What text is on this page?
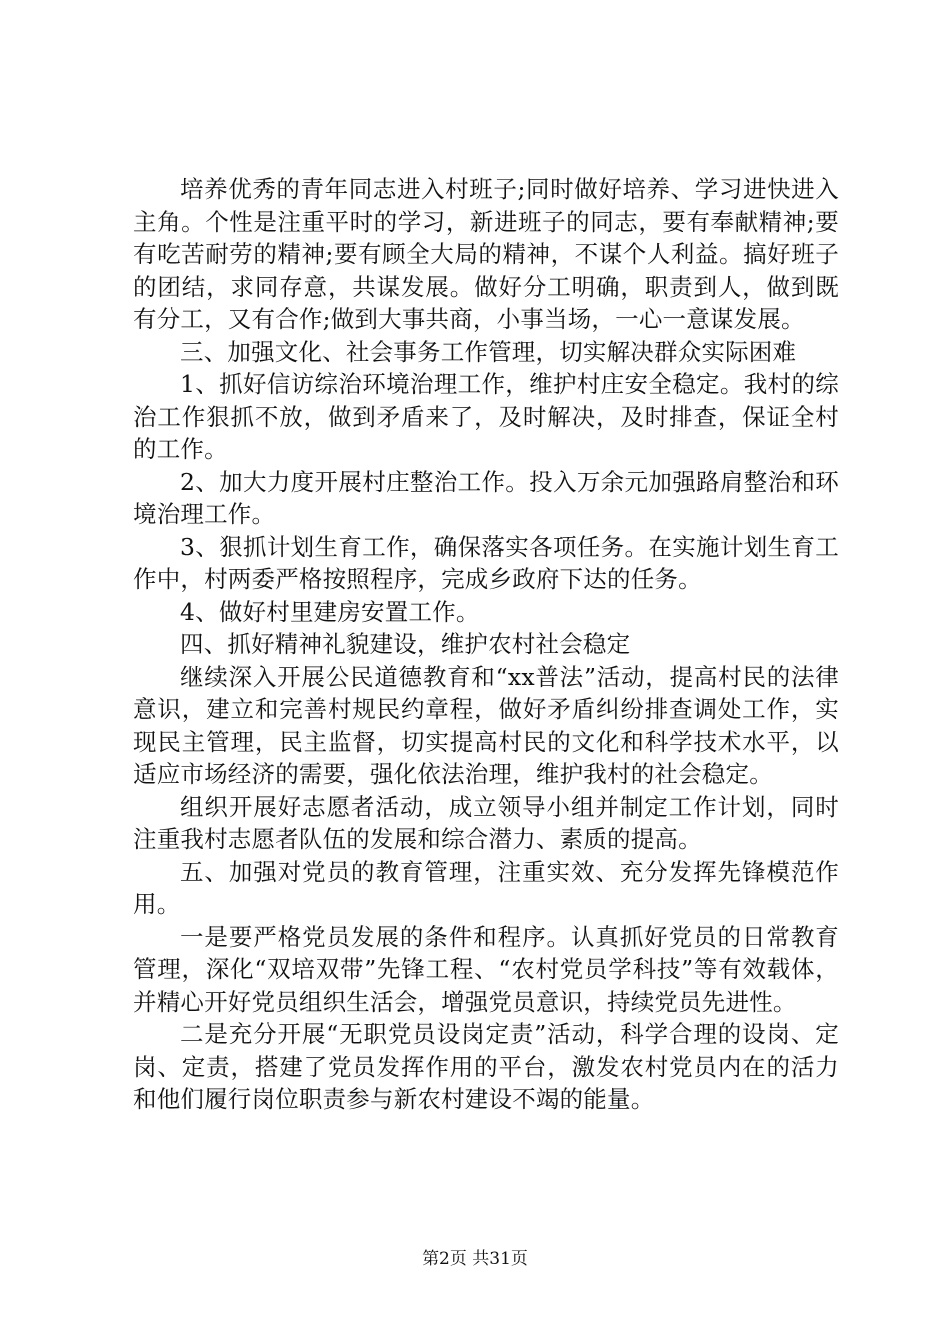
培养优秀的青年同志进入村班子;同时做好培养、学习进快进入主角。个性是注重平时的学习，新进班子的同志，要有奉献精神;要有吃苦耐劳的精神;要有顾全大局的精神，不谋个人利益。搞好班子的团结，求同存意，共谋发展。做好分工明确，职责到人，做到既有分工，又有合作;做到大事共商，小事当场，一心一意谋发展。

三、加强文化、社会事务工作管理，切实解决群众实际困难

1、抓好信访综治环境治理工作，维护村庄安全稳定。我村的综治工作狠抓不放，做到矛盾来了，及时解决，及时排查，保证全村的工作。

2、加大力度开展村庄整治工作。投入万余元加强路肩整治和环境治理工作。

3、狠抓计划生育工作，确保落实各项任务。在实施计划生育工作中，村两委严格按照程序，完成乡政府下达的任务。

4、做好村里建房安置工作。

四、抓好精神礼貌建设，维护农村社会稳定

继续深入开展公民道德教育和“xx普法”活动，提高村民的法律意识，建立和完善村规民约章程，做好矛盾纠纷排查调处工作，实现民主管理，民主监督，切实提高村民的文化和科学技术水平，以适应市场经济的需要，强化依法治理，维护我村的社会稳定。

组织开展好志愿者活动，成立领导小组并制定工作计划，同时注重我村志愿者队伍的发展和综合潜力、素质的提高。

五、加强对党员的教育管理，注重实效、充分发挥先锋模范作用。

一是要严格党员发展的条件和程序。认真抓好党员的日常教育管理，深化“双培双带”先锋工程、“农村党员学科技”等有效载体，并精心开好党员组织生活会，增强党员意识，持续党员先进性。

二是充分开展“无职党员设岗定责”活动，科学合理的设岗、定岗、定责，搭建了党员发挥作用的平台，激发农村党员内在的活力和他们履行岗位职责参与新农村建设不竭的能量。

第2页 共31页
